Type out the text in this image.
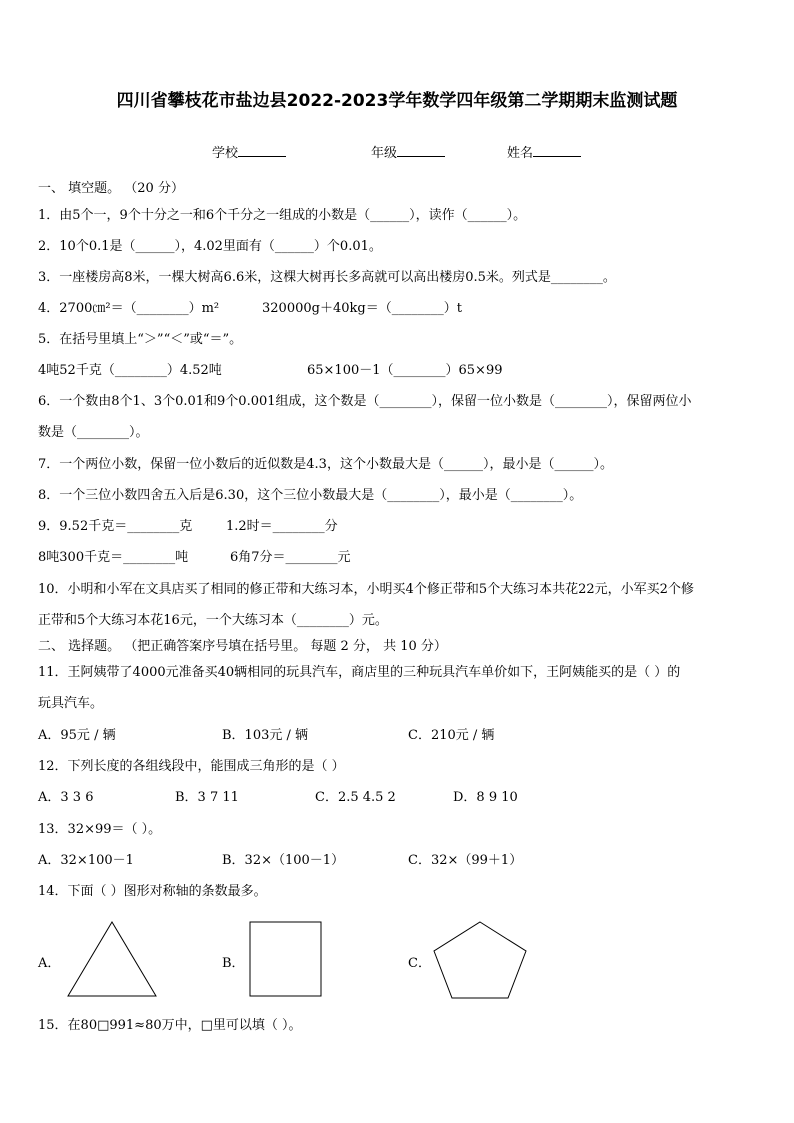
四川省攀枝花市盐边县2022-2023学年数学四年级第二学期期末监测试题
学校	年级	姓名
一、 填空题。 （20 分）
1．由5个一，9个十分之一和6个千分之一组成的小数是（______），读作（______）。
2．10个0.1是（______），4.02里面有（______）个0.01。
3．一座楼房高8米，一棵大树高6.6米，这棵大树再长多高就可以高出楼房0.5米。列式是________。
4．2700㎝²＝（________）m²	320000g＋40kg＝（________）t
5．在括号里填上“＞”“＜”或“＝”。
4吨52千克（________）4.52吨	65×100－1（________）65×99
6．一个数由8个1、3个0.01和9个0.001组成，这个数是（________），保留一位小数是（________），保留两位小
数是（________）。
7．一个两位小数，保留一位小数后的近似数是4.3，这个小数最大是（______），最小是（______）。
8．一个三位小数四舍五入后是6.30，这个三位小数最大是（________），最小是（________）。
9．9.52千克＝________克	1.2时＝________分
8吨300千克＝________吨	6角7分＝________元
10．小明和小军在文具店买了相同的修正带和大练习本，小明买4个修正带和5个大练习本共花22元，小军买2个修
正带和5个大练习本花16元，一个大练习本（________）元。
二、 选择题。 （把正确答案序号填在括号里。 每题 2 分， 共 10 分）
11．王阿姨带了4000元准备买40辆相同的玩具汽车，商店里的三种玩具汽车单价如下，王阿姨能买的是（ ）的
玩具汽车。
A．95元 / 辆	B．103元 / 辆	C．210元 / 辆
12．下列长度的各组线段中，能围成三角形的是（ ）
A．3 3 6	B．3 7 11	C．2.5 4.5 2	D．8 9 10
13．32×99＝（ ）。
A．32×100－1	B．32×（100－1）	C．32×（99＋1）
14．下面（ ）图形对称轴的条数最多。
A．	B．	C．
15．在80□991≈80万中，□里可以填（ ）。
